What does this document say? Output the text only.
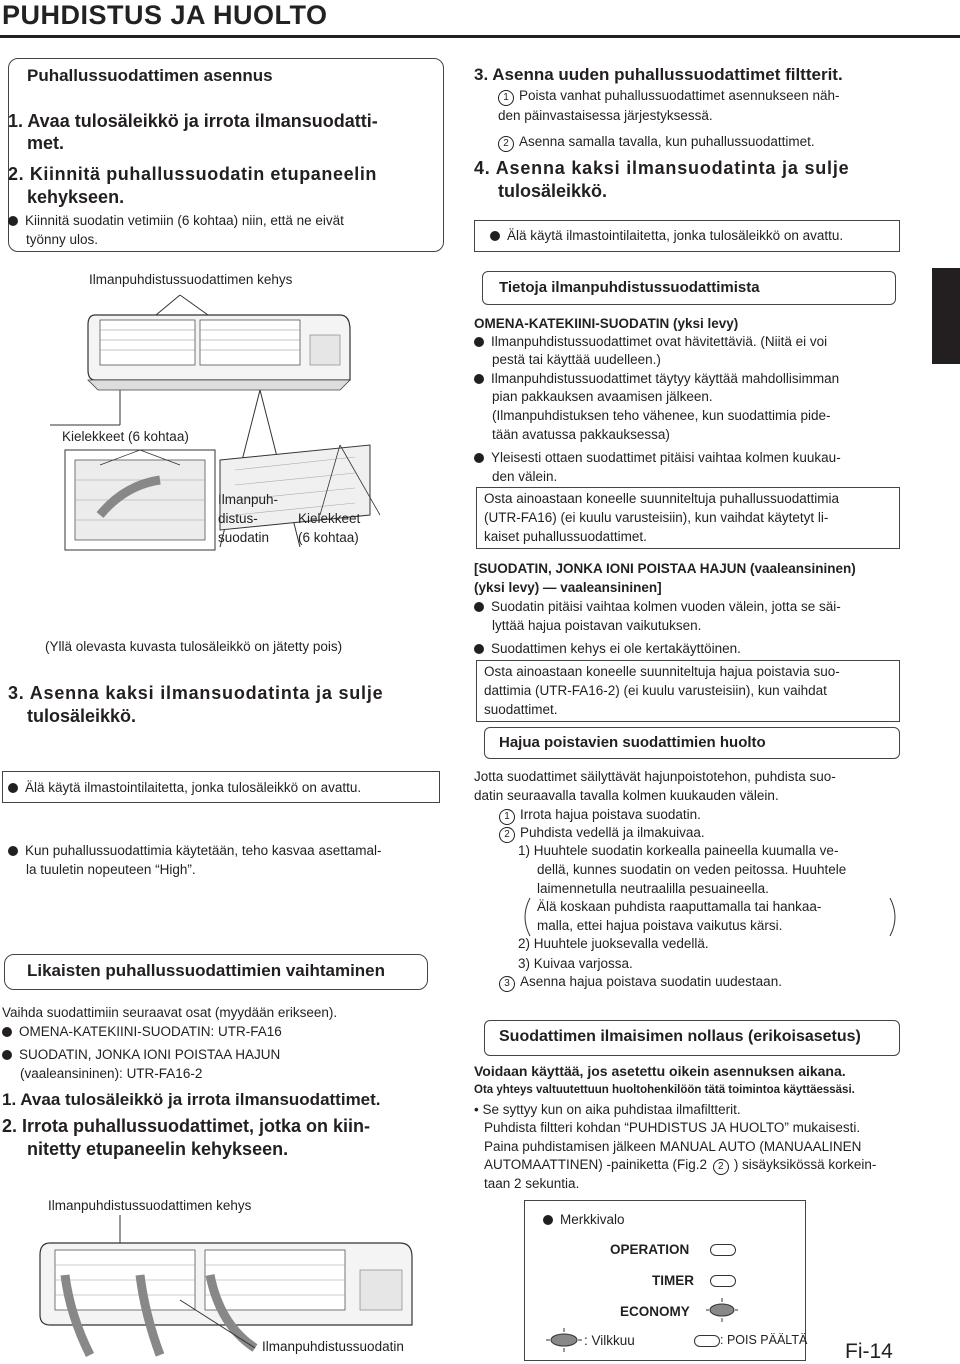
PUHDISTUS JA HUOLTO
Puhallussuodattimen asennus
1. Avaa tulosäleikkö ja irrota ilmansuodatti-
met.
2. Kiinnitä puhallussuodatin etupaneelin
kehykseen.
Kiinnitä suodatin vetimiin (6 kohtaa) niin, että ne eivät
työnny ulos.
Ilmanpuhdistussuodattimen kehys
Kielekkeet (6 kohtaa)
Ilmanpuh-
distus-
suodatin
Kielekkeet
(6 kohtaa)
(Yllä olevasta kuvasta tulosäleikkö on jätetty pois)
3. Asenna kaksi ilmansuodatinta ja sulje
tulosäleikkö.
Älä käytä ilmastointilaitetta, jonka tulosäleikkö on avattu.
Kun puhallussuodattimia käytetään, teho kasvaa asettamal-
la tuuletin nopeuteen “High”.
Likaisten puhallussuodattimien vaihtaminen
Vaihda suodattimiin seuraavat osat (myydään erikseen).
OMENA-KATEKIINI-SUODATIN: UTR-FA16
SUODATIN, JONKA IONI POISTAA HAJUN
(vaaleansininen): UTR-FA16-2
1. Avaa tulosäleikkö ja irrota ilmansuodattimet.
2. Irrota puhallussuodattimet, jotka on kiin-
nitetty etupaneelin kehykseen.
Ilmanpuhdistussuodattimen kehys
Ilmanpuhdistussuodatin
3. Asenna uuden puhallussuodattimet filtterit.
1 Poista vanhat puhallussuodattimet asennukseen näh-
den päinvastaisessa järjestyksessä.
2 Asenna samalla tavalla, kun puhallussuodattimet.
4. Asenna kaksi ilmansuodatinta ja sulje
tulosäleikkö.
Älä käytä ilmastointilaitetta, jonka tulosäleikkö on avattu.
Tietoja ilmanpuhdistussuodattimista
OMENA-KATEKIINI-SUODATIN (yksi levy)
Ilmanpuhdistussuodattimet ovat hävitettäviä. (Niitä ei voi
pestä tai käyttää uudelleen.)
Ilmanpuhdistussuodattimet täytyy käyttää mahdollisimman
pian pakkauksen avaamisen jälkeen.
(Ilmanpuhdistuksen teho vähenee, kun suodattimia pide-
tään avatussa pakkauksessa)
Yleisesti ottaen suodattimet pitäisi vaihtaa kolmen kuukau-
den välein.
Osta ainoastaan koneelle suunniteltuja puhallussuodattimia
(UTR-FA16) (ei kuulu varusteisiin), kun vaihdat käytetyt li-
kaiset puhallussuodattimet.
[SUODATIN, JONKA IONI POISTAA HAJUN (vaaleansininen)
(yksi levy) — vaaleansininen]
Suodatin pitäisi vaihtaa kolmen vuoden välein, jotta se säi-
lyttää hajua poistavan vaikutuksen.
Suodattimen kehys ei ole kertakäyttöinen.
Osta ainoastaan koneelle suunniteltuja hajua poistavia suo-
dattimia (UTR-FA16-2) (ei kuulu varusteisiin), kun vaihdat
suodattimet.
Hajua poistavien suodattimien huolto
Jotta suodattimet säilyttävät hajunpoistotehon, puhdista suo-
datin seuraavalla tavalla kolmen kuukauden välein.
1 Irrota hajua poistava suodatin.
2 Puhdista vedellä ja ilmakuivaa.
1) Huuhtele suodatin korkealla paineella kuumalla ve-
dellä, kunnes suodatin on veden peitossa. Huuhtele
laimennetulla neutraalilla pesuaineella.
Älä koskaan puhdista raaputtamalla tai hankaa-
malla, ettei hajua poistava vaikutus kärsi.
2) Huuhtele juoksevalla vedellä.
3) Kuivaa varjossa.
3 Asenna hajua poistava suodatin uudestaan.
Suodattimen ilmaisimen nollaus (erikoisasetus)
Voidaan käyttää, jos asetettu oikein asennuksen aikana.
Ota yhteys valtuutettuun huoltohenkilöön tätä toimintoa käyttäessäsi.
• Se syttyy kun on aika puhdistaa ilmafiltterit.
Puhdista filtteri kohdan “PUHDISTUS JA HUOLTO” mukaisesti.
Paina puhdistamisen jälkeen MANUAL AUTO (MANUAALINEN
AUTOMAATTINEN) -painiketta (Fig.2 2 ) sisäyksikössä korkein-
taan 2 sekuntia.
Merkkivalo
OPERATION
TIMER
ECONOMY
: Vilkkuu	: POIS PÄÄLTÄ Fi-14
